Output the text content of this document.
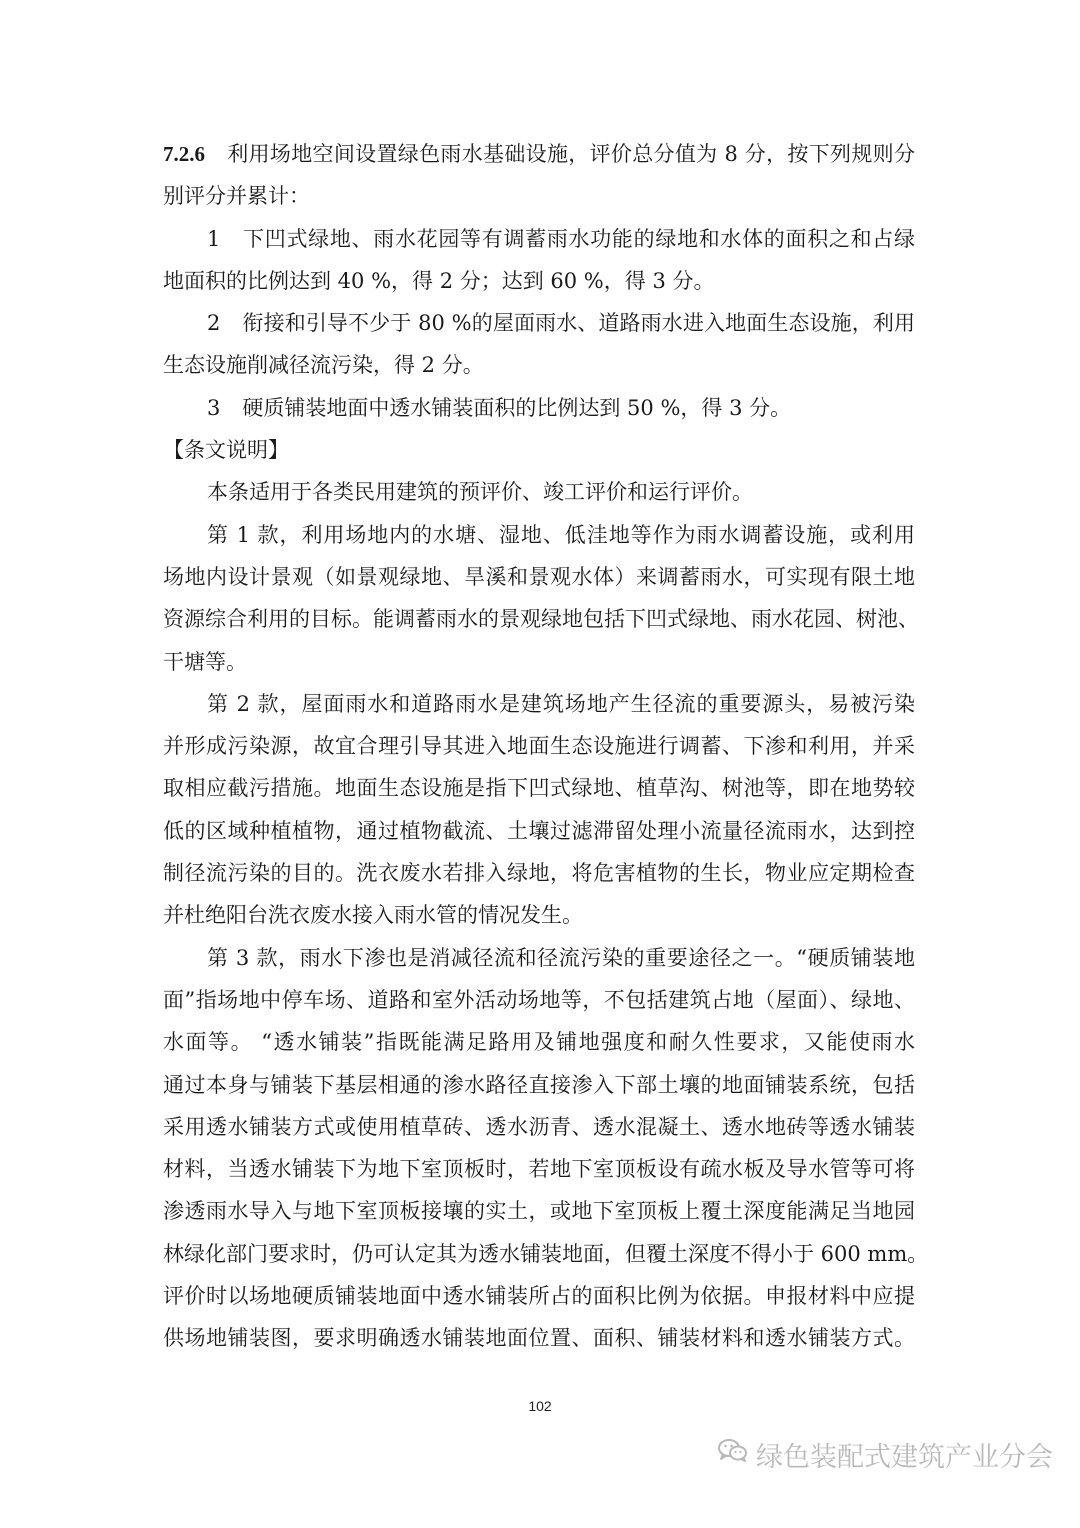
7.2.6 利用场地空间设置绿色雨水基础设施，评价总分值为 8 分，按下列规则分
别评分并累计：
1 下凹式绿地、雨水花园等有调蓄雨水功能的绿地和水体的面积之和占绿
地面积的比例达到 40 %，得 2 分；达到 60 %，得 3 分。
2 衔接和引导不少于 80 %的屋面雨水、道路雨水进入地面生态设施，利用
生态设施削减径流污染，得 2 分。
3 硬质铺装地面中透水铺装面积的比例达到 50 %，得 3 分。
【条文说明】
本条适用于各类民用建筑的预评价、竣工评价和运行评价。
第 1 款，利用场地内的水塘、湿地、低洼地等作为雨水调蓄设施，或利用
场地内设计景观（如景观绿地、旱溪和景观水体）来调蓄雨水，可实现有限土地
资源综合利用的目标。能调蓄雨水的景观绿地包括下凹式绿地、雨水花园、树池、
干塘等。
第 2 款，屋面雨水和道路雨水是建筑场地产生径流的重要源头，易被污染
并形成污染源，故宜合理引导其进入地面生态设施进行调蓄、下渗和利用，并采
取相应截污措施。地面生态设施是指下凹式绿地、植草沟、树池等，即在地势较
低的区域种植植物，通过植物截流、土壤过滤滞留处理小流量径流雨水，达到控
制径流污染的目的。洗衣废水若排入绿地，将危害植物的生长，物业应定期检查
并杜绝阳台洗衣废水接入雨水管的情况发生。
第 3 款，雨水下渗也是消减径流和径流污染的重要途径之一。“硬质铺装地
面”指场地中停车场、道路和室外活动场地等，不包括建筑占地（屋面）、绿地、
水面等。 “透水铺装”指既能满足路用及铺地强度和耐久性要求，又能使雨水
通过本身与铺装下基层相通的渗水路径直接渗入下部土壤的地面铺装系统，包括
采用透水铺装方式或使用植草砖、透水沥青、透水混凝土、透水地砖等透水铺装
材料，当透水铺装下为地下室顶板时，若地下室顶板设有疏水板及导水管等可将
渗透雨水导入与地下室顶板接壤的实土，或地下室顶板上覆土深度能满足当地园
林绿化部门要求时，仍可认定其为透水铺装地面，但覆土深度不得小于 600 mm。
评价时以场地硬质铺装地面中透水铺装所占的面积比例为依据。申报材料中应提
供场地铺装图，要求明确透水铺装地面位置、面积、铺装材料和透水铺装方式。
102
绿色装配式建筑产业分会
